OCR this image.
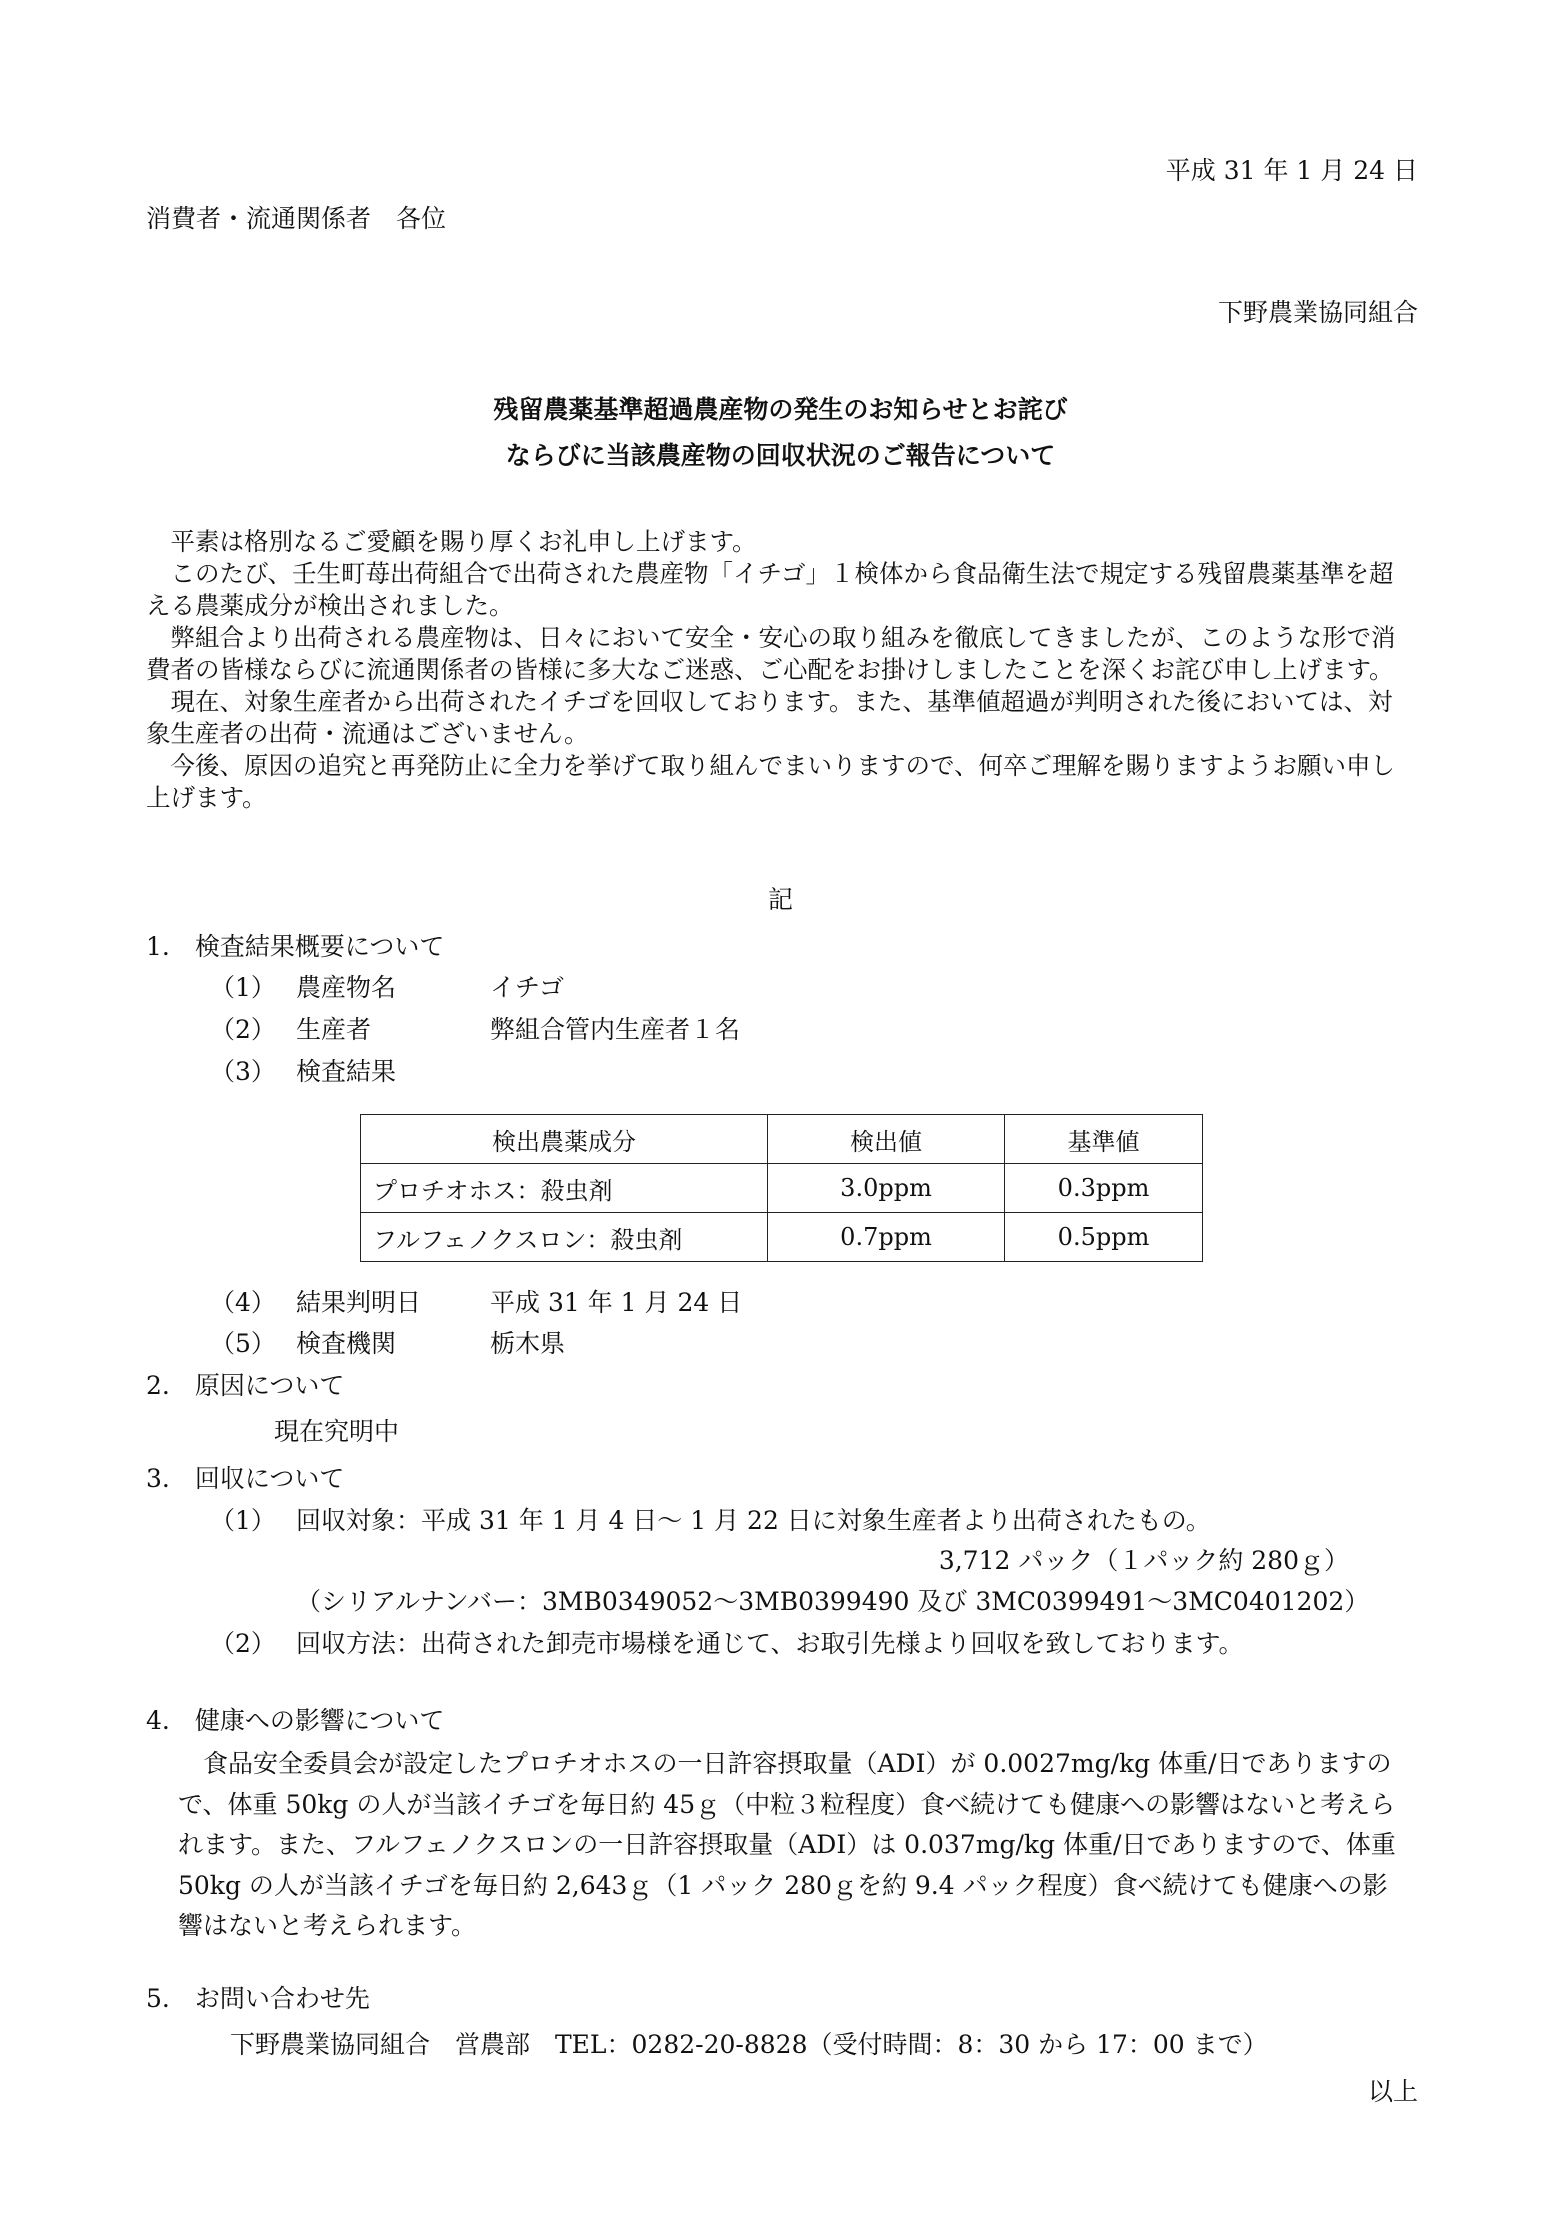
平成 31 年 1 月 24 日
消費者・流通関係者　各位
下野農業協同組合
残留農薬基準超過農産物の発生のお知らせとお詫び
ならびに当該農産物の回収状況のご報告について

平素は格別なるご愛顧を賜り厚くお礼申し上げます。

このたび、壬生町苺出荷組合で出荷された農産物「イチゴ」１検体から食品衛生法で規定する残留農薬基準を超える農薬成分が検出されました。

弊組合より出荷される農産物は、日々において安全・安心の取り組みを徹底してきましたが、このような形で消費者の皆様ならびに流通関係者の皆様に多大なご迷惑、ご心配をお掛けしましたことを深くお詫び申し上げます。

現在、対象生産者から出荷されたイチゴを回収しております。また、基準値超過が判明された後においては、対象生産者の出荷・流通はございません。

今後、原因の追究と再発防止に全力を挙げて取り組んでまいりますので、何卒ご理解を賜りますようお願い申し上げます。

記
1.　検査結果概要について
（1） 農産物名	イチゴ
（2） 生産者	弊組合管内生産者１名
（3） 検査結果
検出農薬成分	検出値	基準値
プロチオホス：殺虫剤	3.0ppm	0.3ppm
フルフェノクスロン：殺虫剤	0.7ppm	0.5ppm
（4） 結果判明日	平成 31 年 1 月 24 日
（5） 検査機関	栃木県
2.　原因について
現在究明中
3.　回収について
（1） 回収対象：平成 31 年 1 月 4 日～ 1 月 22 日に対象生産者より出荷されたもの。
3,712 パック（１パック約 280ｇ）
（シリアルナンバー：3MB0349052～3MB0399490 及び 3MC0399491～3MC0401202）
（2） 回収方法：出荷された卸売市場様を通じて、お取引先様より回収を致しております。
4.　健康への影響について

食品安全委員会が設定したプロチオホスの一日許容摂取量（ADI）が 0.0027mg/kg 体重/日でありますので、体重 50kg の人が当該イチゴを毎日約 45ｇ（中粒３粒程度）食べ続けても健康への影響はないと考えられます。また、フルフェノクスロンの一日許容摂取量（ADI）は 0.037mg/kg 体重/日でありますので、体重 50kg の人が当該イチゴを毎日約 2,643ｇ（1 パック 280ｇを約 9.4 パック程度）食べ続けても健康への影響はないと考えられます。

5.　お問い合わせ先
下野農業協同組合　営農部　TEL：0282-20-8828（受付時間：8：30 から 17：00 まで）
以上
